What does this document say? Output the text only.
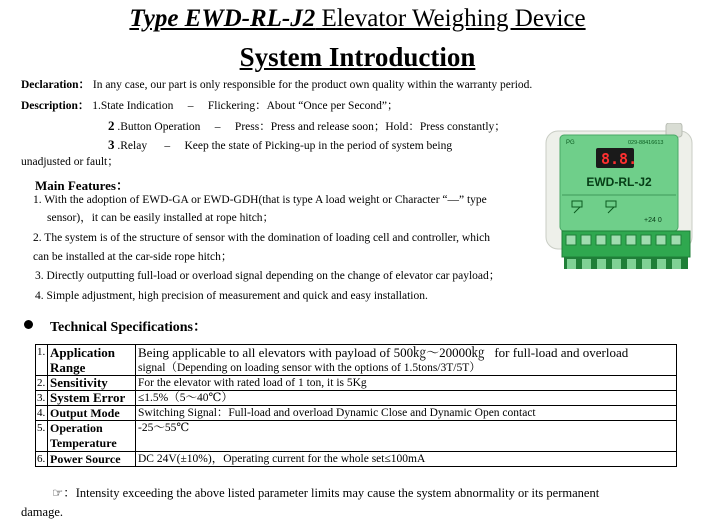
Type EWD-RL-J2 Elevator Weighing Device
System Introduction
Declaration： In any case, our part is only responsible for the product own quality within the warranty period.
Description： 1.State Indication     –     Flickering：About “Once per Second”；
2 .Button Operation     –     Press：Press and release soon；Hold：Press constantly；
3 .Relay      –     Keep the state of Picking-up in the period of system being
unadjusted or fault；
Main Features：
1. With the adoption of EWD-GA or EWD-GDH(that is type A load weight or Character “—” type
sensor)，it can be easily installed at rope hitch；
2. The system is of the structure of sensor with the domination of loading cell and controller, which
can be installed at the car-side rope hitch；
3. Directly outputting full-load or overload signal depending on the change of elevator car payload；
4. Simple adjustment, high precision of measurement and quick and easy installation.
PG	029-88416613
8.8.
EWD-RL-J2
+24 0
Technical Specifications：
1.	Application Range	Being applicable to all elevators with payload of 500㎏～20000㎏   for full-load and overload
signal（Depending on loading sensor with the options of 1.5tons/3T/5T）

2.	Sensitivity	For the elevator with rated load of 1 ton, it is 5Kg
3.	System Error	≤1.5%（5～40℃）
4.	Output Mode	Switching Signal：Full-load and overload Dynamic Close and Dynamic Open contact
5.	Operation Temperature	-25～55℃
6.	Power Source	DC 24V(±10%)，Operating current for the whole set≤100mA
☞：Intensity exceeding the above listed parameter limits may cause the system abnormality or its permanent
damage.
